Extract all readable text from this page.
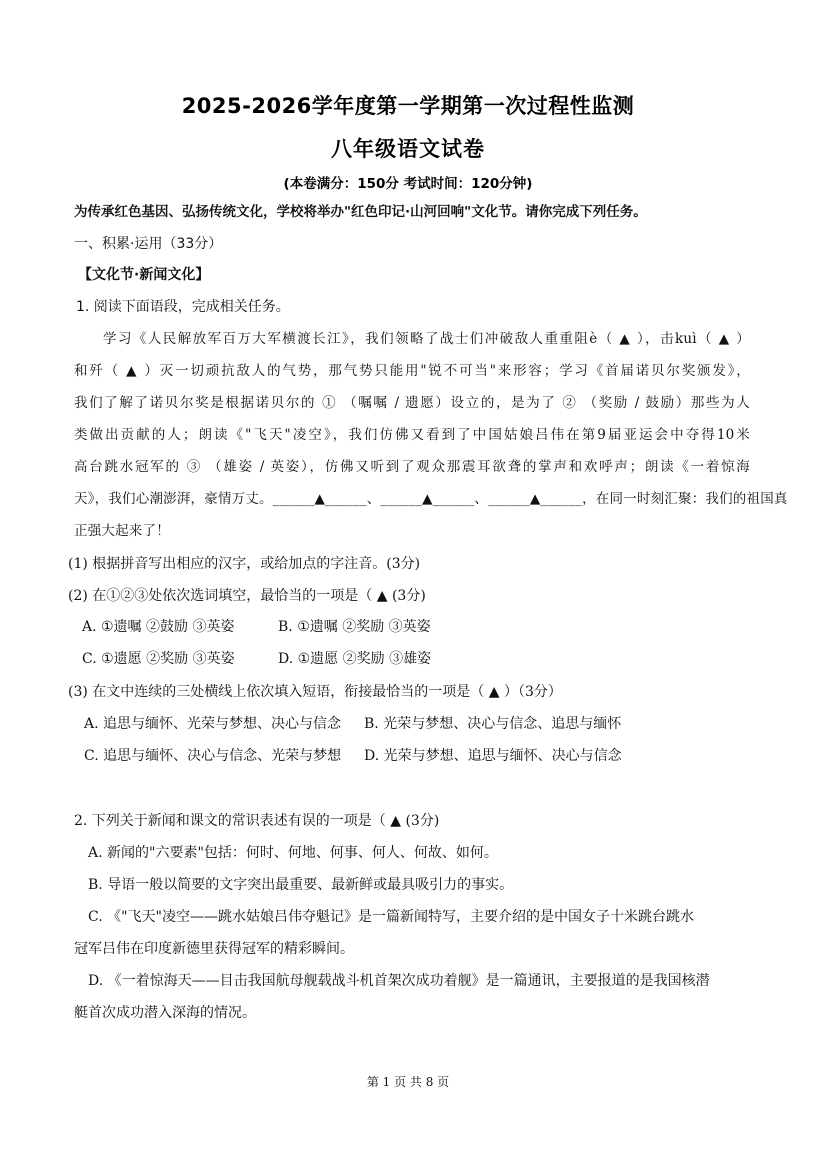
2025-2026学年度第一学期第一次过程性监测
八年级语文试卷
(本卷满分：150分 考试时间：120分钟)
为传承红色基因、弘扬传统文化，学校将举办"红色印记·山河回响"文化节。请你完成下列任务。
一、积累·运用（33分）
【文化节·新闻文化】
1. 阅读下面语段，完成相关任务。
学习《人民解放军百万大军横渡长江》，我们领略了战士们冲破敌人重重阻è（ ▲ ），击kuì（ ▲ ）
和歼（ ▲ ）灭一切顽抗敌人的气势，那气势只能用"锐不可当"来形容；学习《首届诺贝尔奖颁发》，
我们了解了诺贝尔奖是根据诺贝尔的 ① （嘱嘱 / 遗愿）设立的，是为了 ② （奖励 / 鼓励）那些为人
类做出贡献的人；朗读《"飞天"凌空》，我们仿佛又看到了中国姑娘吕伟在第9届亚运会中夺得10米
高台跳水冠军的 ③ （雄姿 / 英姿），仿佛又听到了观众那震耳欲聋的掌声和欢呼声；朗读《一着惊海
天》，我们心潮澎湃，豪情万丈。______▲______、______▲______、______▲______，在同一时刻汇聚：我们的祖国真
正强大起来了！
(1) 根据拼音写出相应的汉字，或给加点的字注音。(3分)
(2) 在①②③处依次选词填空，最恰当的一项是（ ▲ (3分)
A. ①遗嘱 ②鼓励 ③英姿	B. ①遗嘱 ②奖励 ③英姿
C. ①遗愿 ②奖励 ③英姿	D. ①遗愿 ②奖励 ③雄姿
(3) 在文中连续的三处横线上依次填入短语，衔接最恰当的一项是（ ▲ ）（3分）
A. 追思与缅怀、光荣与梦想、决心与信念 B. 光荣与梦想、决心与信念、追思与缅怀
C. 追思与缅怀、决心与信念、光荣与梦想 D. 光荣与梦想、追思与缅怀、决心与信念
2. 下列关于新闻和课文的常识表述有误的一项是（ ▲ (3分)
A. 新闻的"六要素"包括：何时、何地、何事、何人、何故、如何。
B. 导语一般以简要的文字突出最重要、最新鲜或最具吸引力的事实。
C. 《"飞天"凌空——跳水姑娘吕伟夺魁记》是一篇新闻特写，主要介绍的是中国女子十米跳台跳水
冠军吕伟在印度新德里获得冠军的精彩瞬间。
D. 《一着惊海天——目击我国航母舰载战斗机首架次成功着舰》是一篇通讯，主要报道的是我国核潜
艇首次成功潜入深海的情况。
第 1 页 共 8 页
